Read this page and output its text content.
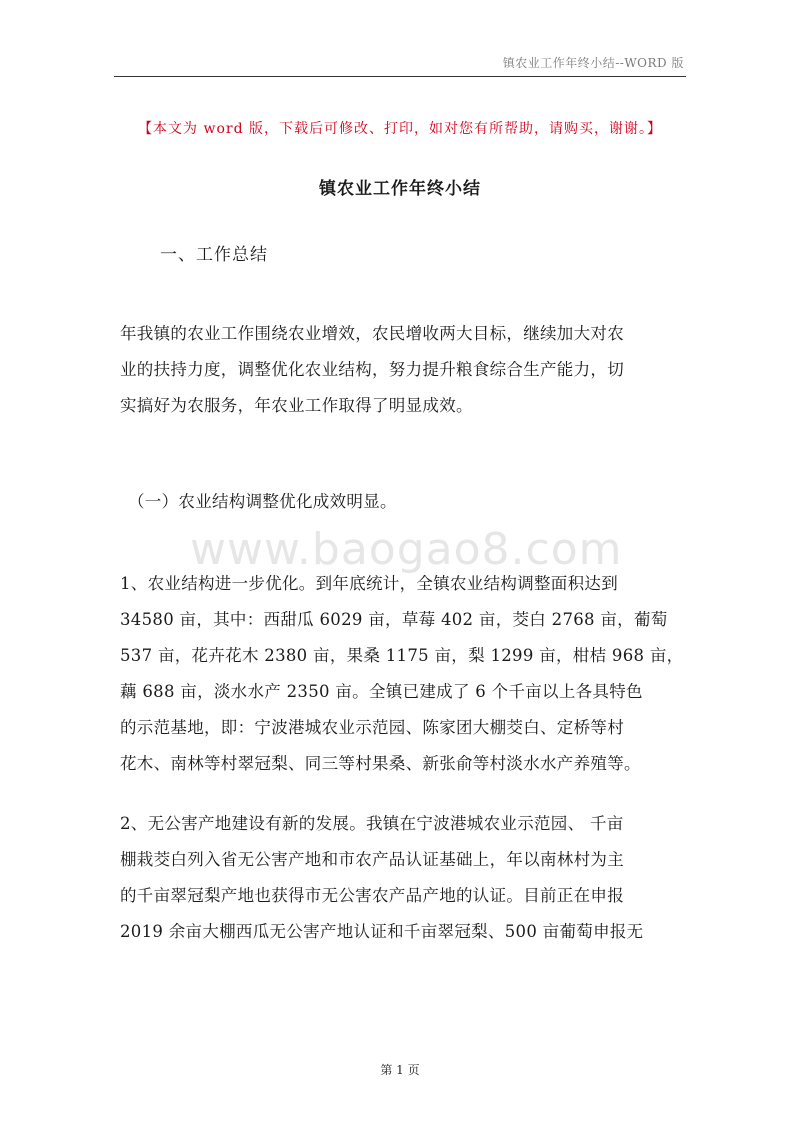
镇农业工作年终小结--WORD 版
【本文为 word 版，下载后可修改、打印，如对您有所帮助，请购买，谢谢。】
镇农业工作年终小结
一、工作总结
www.baogao8.com

年我镇的农业工作围绕农业增效，农民增收两大目标，继续加大对农
业的扶持力度，调整优化农业结构，努力提升粮食综合生产能力，切
实搞好为农服务，年农业工作取得了明显成效。

（一）农业结构调整优化成效明显。

1、农业结构进一步优化。到年底统计，全镇农业结构调整面积达到
34580 亩，其中：西甜瓜 6029 亩，草莓 402 亩，茭白 2768 亩，葡萄
537 亩，花卉花木 2380 亩，果桑 1175 亩，梨 1299 亩，柑桔 968 亩，
藕 688 亩，淡水水产 2350 亩。全镇已建成了 6 个千亩以上各具特色
的示范基地，即：宁波港城农业示范园、陈家团大棚茭白、定桥等村
花木、南林等村翠冠梨、同三等村果桑、新张俞等村淡水水产养殖等。

2、无公害产地建设有新的发展。我镇在宁波港城农业示范园、 千亩
棚栽茭白列入省无公害产地和市农产品认证基础上，年以南林村为主
的千亩翠冠梨产地也获得市无公害农产品产地的认证。目前正在申报
2019 余亩大棚西瓜无公害产地认证和千亩翠冠梨、500 亩葡萄申报无

第 1 页
